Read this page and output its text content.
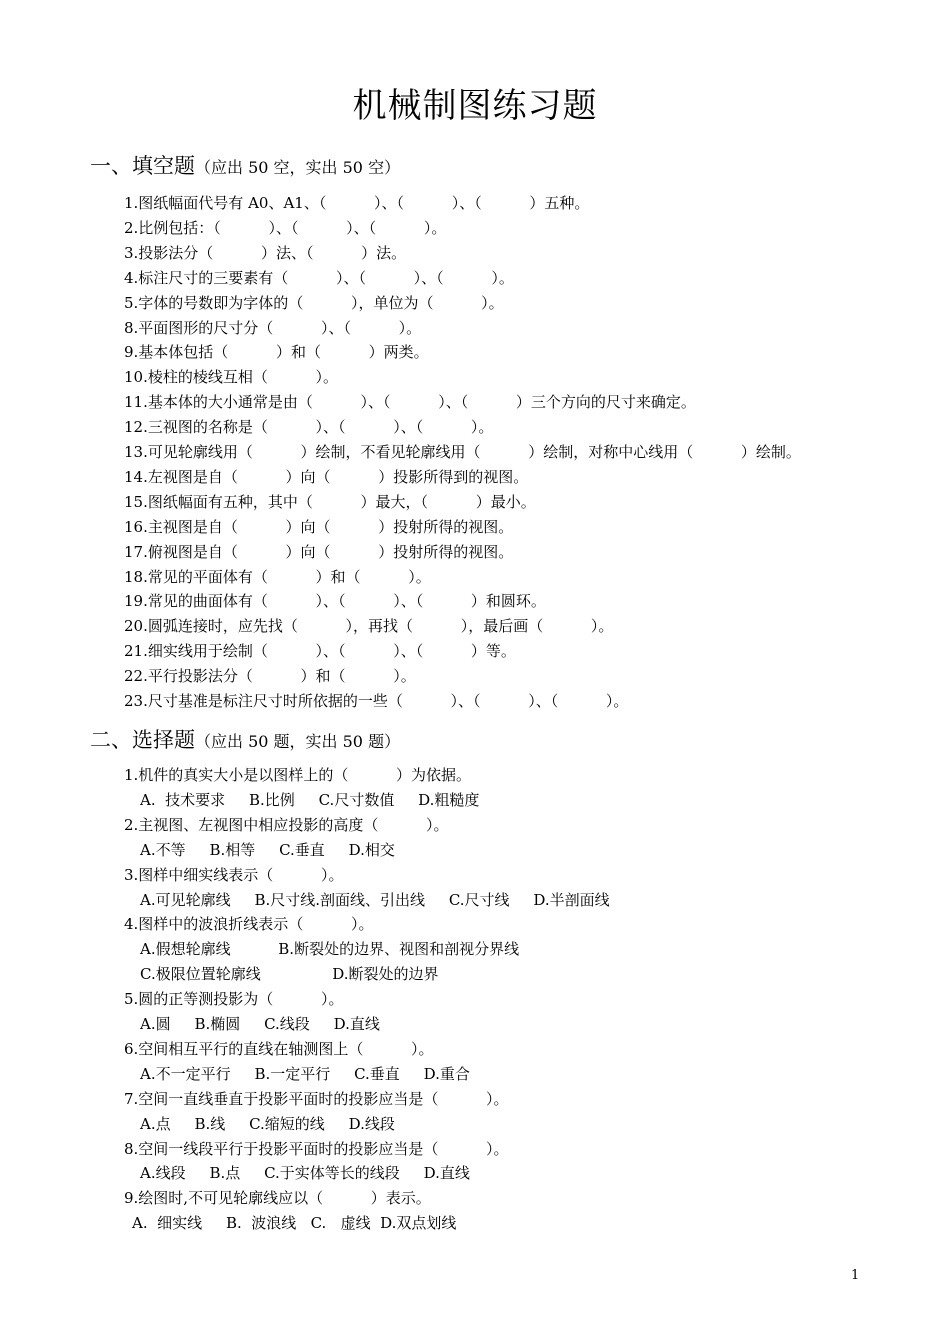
机械制图练习题
一、填空题（应出 50 空，实出 50 空）
1.图纸幅面代号有 A0、A1、（          ）、（          ）、（          ）五种。
2.比例包括：（          ）、（          ）、（          ）。
3.投影法分（          ）法、（          ）法。
4.标注尺寸的三要素有（          ）、（          ）、（          ）。
5.字体的号数即为字体的（          ），单位为（          ）。
8.平面图形的尺寸分（          ）、（          ）。
9.基本体包括（          ）和（          ）两类。
10.棱柱的棱线互相（          ）。
11.基本体的大小通常是由（          ）、（          ）、（          ）三个方向的尺寸来确定。
12.三视图的名称是（          ）、（          ）、（          ）。
13.可见轮廓线用（          ）绘制，不看见轮廓线用（          ）绘制，对称中心线用（          ）绘制。
14.左视图是自（          ）向（          ）投影所得到的视图。
15.图纸幅面有五种，其中（          ）最大，（          ）最小。
16.主视图是自（          ）向（          ）投射所得的视图。
17.俯视图是自（          ）向（          ）投射所得的视图。
18.常见的平面体有（          ）和（          ）。
19.常见的曲面体有（          ）、（          ）、（          ）和圆环。
20.圆弧连接时，应先找（          ），再找（          ），最后画（          ）。
21.细实线用于绘制（          ）、（          ）、（          ）等。
22.平行投影法分（          ）和（          ）。
23.尺寸基准是标注尺寸时所依据的一些（          ）、（          ）、（          ）。
二、选择题（应出 50 题，实出 50 题）
1.机件的真实大小是以图样上的（          ）为依据。
A.  技术要求     B.比例     C.尺寸数值     D.粗糙度
2.主视图、左视图中相应投影的高度（          ）。
A.不等     B.相等     C.垂直     D.相交
3.图样中细实线表示（          ）。
A.可见轮廓线     B.尺寸线.剖面线、引出线     C.尺寸线     D.半剖面线
4.图样中的波浪折线表示（          ）。
A.假想轮廓线          B.断裂处的边界、视图和剖视分界线
C.极限位置轮廓线               D.断裂处的边界
5.圆的正等测投影为（          ）。
A.圆     B.椭圆     C.线段     D.直线
6.空间相互平行的直线在轴测图上（          ）。
A.不一定平行     B.一定平行     C.垂直     D.重合
7.空间一直线垂直于投影平面时的投影应当是（          ）。
A.点     B.线     C.缩短的线     D.线段
8.空间一线段平行于投影平面时的投影应当是（          ）。
A.线段     B.点     C.于实体等长的线段     D.直线
9.绘图时,不可见轮廓线应以（          ）表示。
A.  细实线     B.  波浪线   C.   虚线  D.双点划线
1
